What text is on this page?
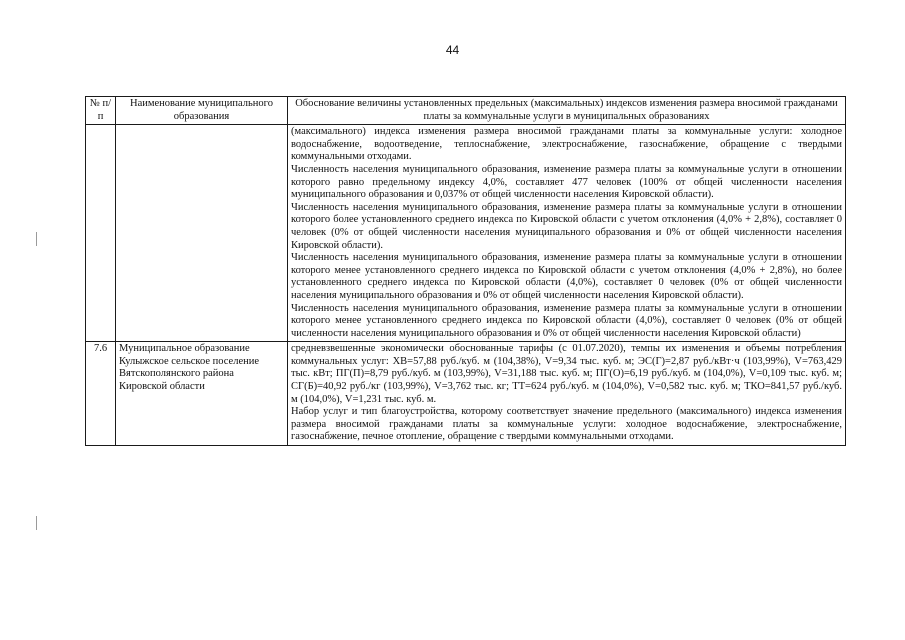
44
№ п/п	Наименование муниципального образования	Обоснование величины установленных предельных (максимальных) индексов изменения размера вносимой гражданами платы за коммунальные услуги в муниципальных образованиях

		(максимального) индекса изменения размера вносимой гражданами платы за коммунальные услуги: холодное водоснабжение, водоотведение, теплоснабжение, электроснабжение, газоснабжение, обращение с твердыми коммунальными отходами.
Численность населения муниципального образования, изменение размера платы за коммунальные услуги в отношении которого равно предельному индексу 4,0%, составляет 477 человек (100% от общей численности населения муниципального образования и 0,037% от общей численности населения Кировской области).
Численность населения муниципального образования, изменение размера платы за коммунальные услуги в отношении которого более установленного среднего индекса по Кировской области с учетом отклонения (4,0% + 2,8%), составляет 0 человек (0% от общей численности населения муниципального образования и 0% от общей численности населения Кировской области).
Численность населения муниципального образования, изменение размера платы за коммунальные услуги в отношении которого менее установленного среднего индекса по Кировской области с учетом отклонения (4,0% + 2,8%), но более установленного среднего индекса по Кировской области (4,0%), составляет 0 человек (0% от общей численности населения муниципального образования и 0% от общей численности населения Кировской области).
Численность населения муниципального образования, изменение размера платы за коммунальные услуги в отношении которого менее установленного среднего индекса по Кировской области (4,0%), составляет 0 человек (0% от общей численности населения муниципального образования и 0% от общей численности населения Кировской области)

7.6	Муниципальное образование Кулыжское сельское поселение Вятскополянского района Кировской области	средневзвешенные экономически обоснованные тарифы (с 01.07.2020), темпы их изменения и объемы потребления коммунальных услуг: ХВ=57,88 руб./куб. м (104,38%), V=9,34 тыс. куб. м; ЭС(Г)=2,87 руб./кВт·ч (103,99%), V=763,429 тыс. кВт; ПГ(П)=8,79 руб./куб. м (103,99%), V=31,188 тыс. куб. м; ПГ(О)=6,19 руб./куб. м (104,0%), V=0,109 тыс. куб. м; СГ(Б)=40,92 руб./кг (103,99%), V=3,762 тыс. кг; ТТ=624 руб./куб. м (104,0%), V=0,582 тыс. куб. м; ТКО=841,57 руб./куб. м (104,0%), V=1,231 тыс. куб. м.
Набор услуг и тип благоустройства, которому соответствует значение предельного (максимального) индекса изменения размера вносимой гражданами платы за коммунальные услуги: холодное водоснабжение, электроснабжение, газоснабжение, печное отопление, обращение с твердыми коммунальными отходами.
